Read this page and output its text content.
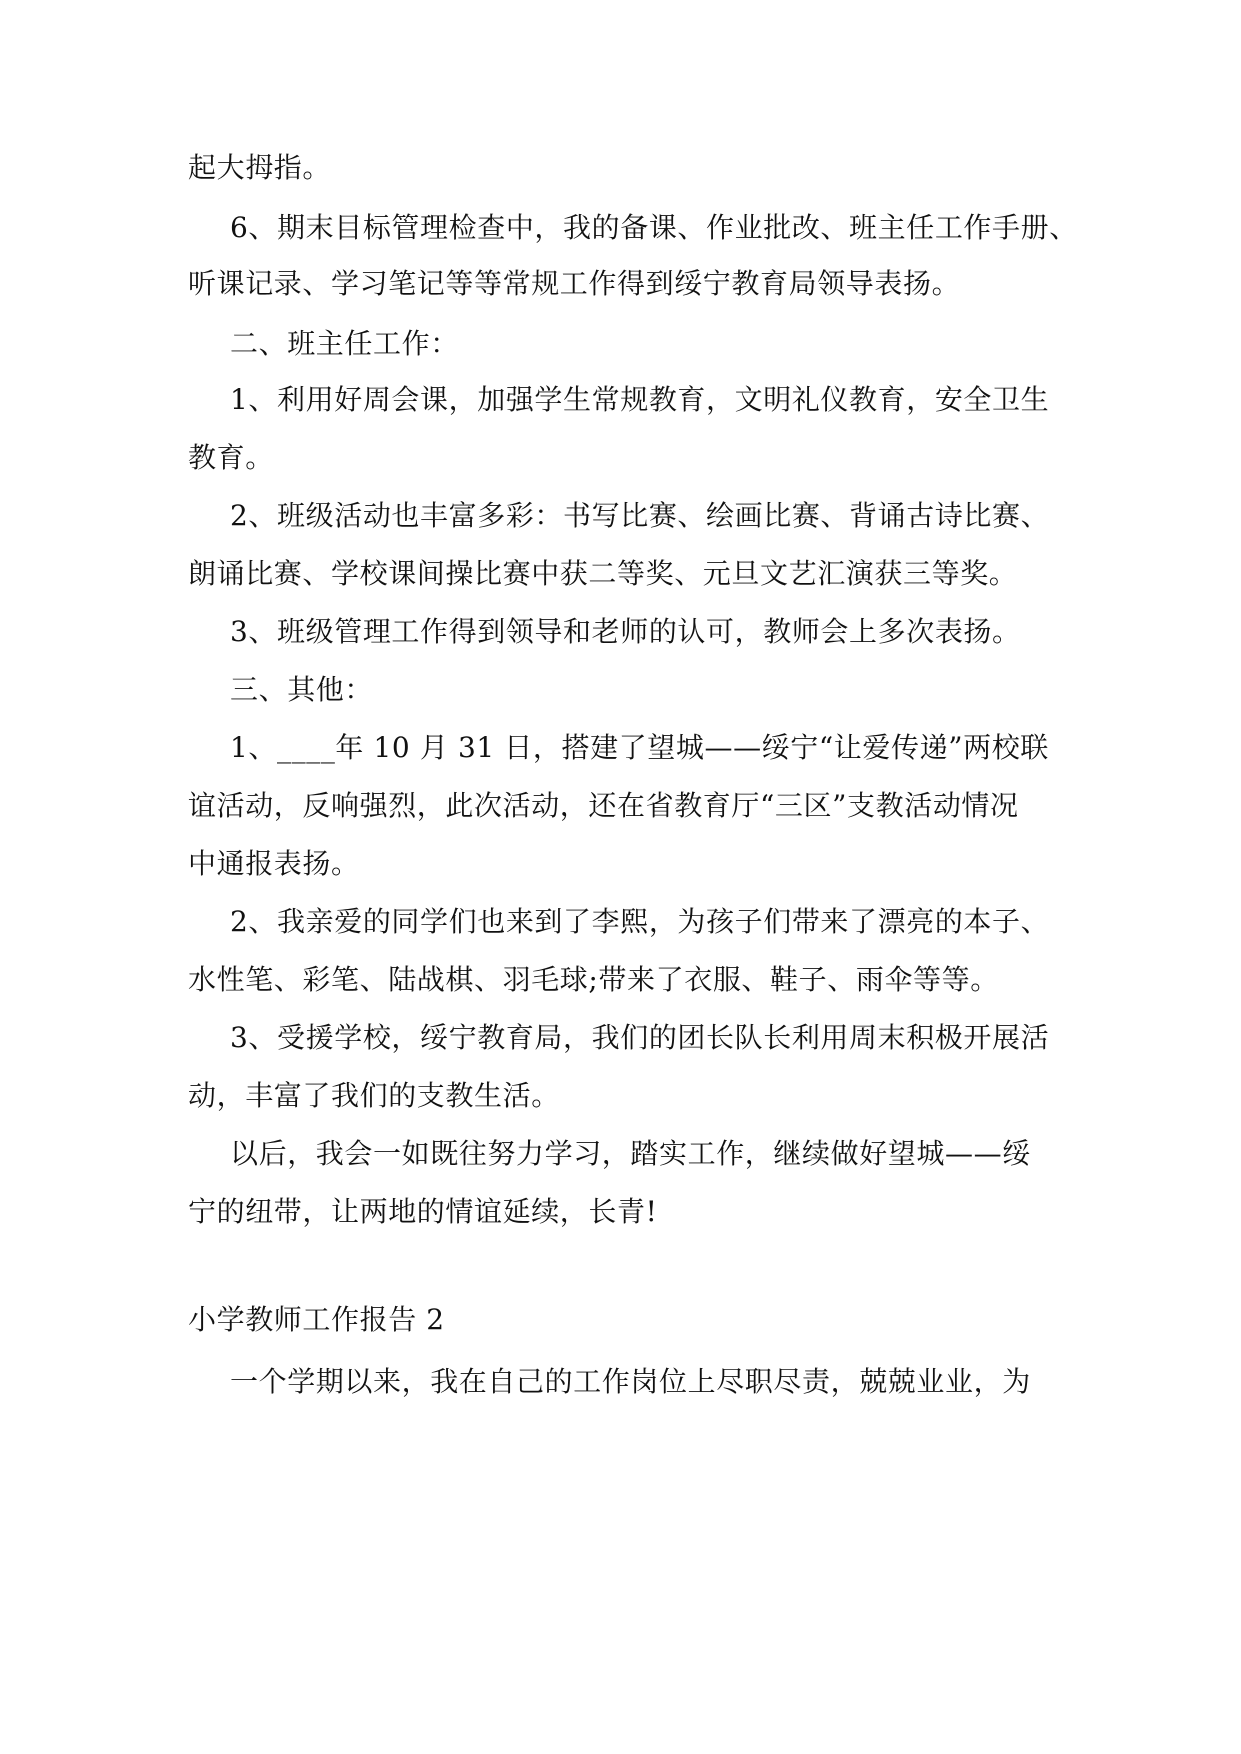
起大拇指。
6、期末目标管理检查中，我的备课、作业批改、班主任工作手册、
听课记录、学习笔记等等常规工作得到绥宁教育局领导表扬。
二、班主任工作：
1、利用好周会课，加强学生常规教育，文明礼仪教育，安全卫生
教育。
2、班级活动也丰富多彩：书写比赛、绘画比赛、背诵古诗比赛、
朗诵比赛、学校课间操比赛中获二等奖、元旦文艺汇演获三等奖。
3、班级管理工作得到领导和老师的认可，教师会上多次表扬。
三、其他：
1、____年 10 月 31 日，搭建了望城——绥宁“让爱传递”两校联
谊活动，反响强烈，此次活动，还在省教育厅“三区”支教活动情况
中通报表扬。
2、我亲爱的同学们也来到了李熙，为孩子们带来了漂亮的本子、
水性笔、彩笔、陆战棋、羽毛球;带来了衣服、鞋子、雨伞等等。
3、受援学校，绥宁教育局，我们的团长队长利用周末积极开展活
动，丰富了我们的支教生活。
以后，我会一如既往努力学习，踏实工作，继续做好望城——绥
宁的纽带，让两地的情谊延续，长青!
小学教师工作报告 2
一个学期以来，我在自己的工作岗位上尽职尽责，兢兢业业，为
